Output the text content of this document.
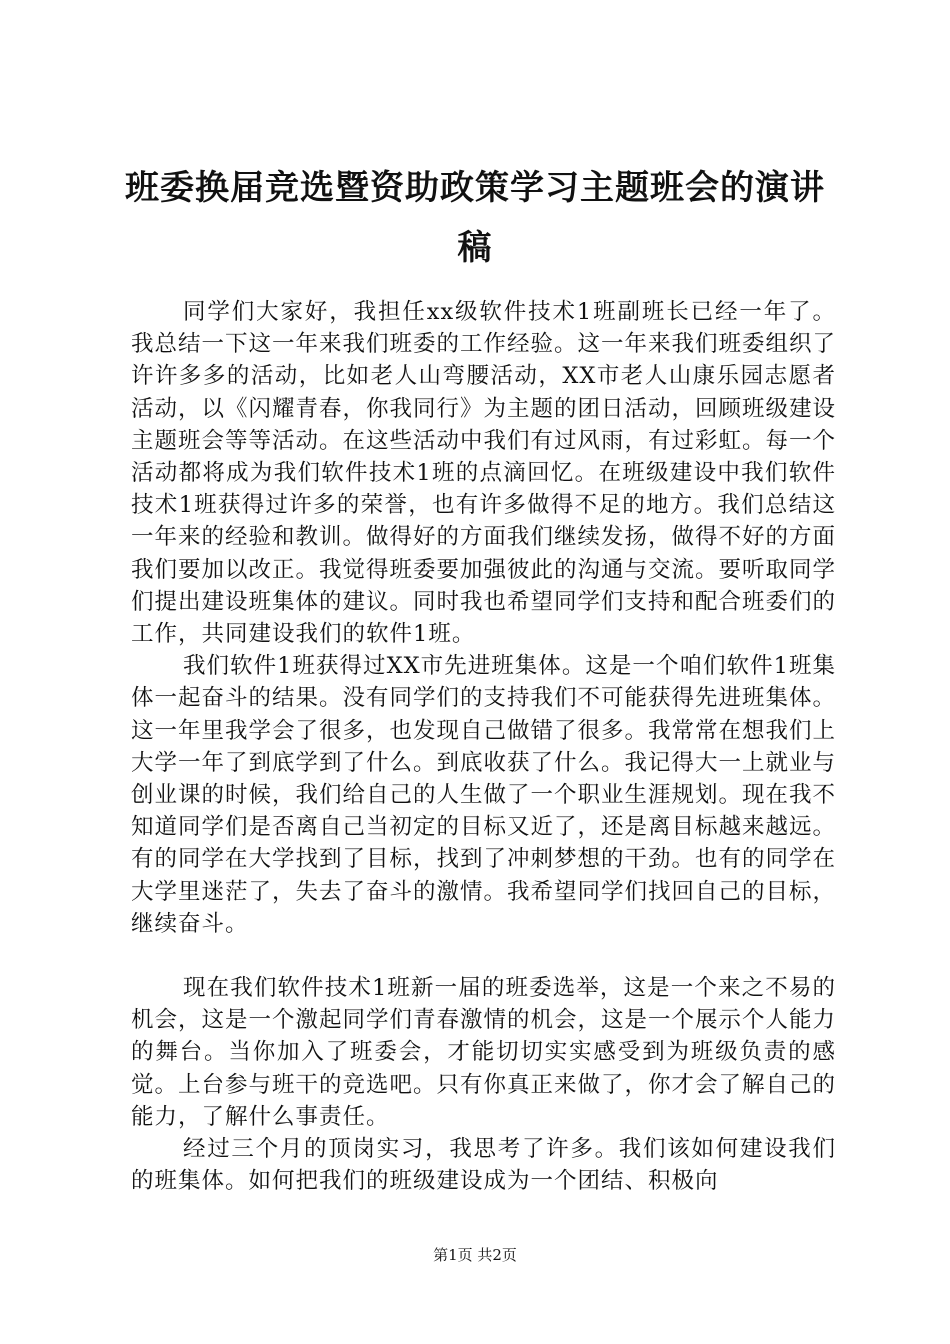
班委换届竞选暨资助政策学习主题班会的演讲稿

同学们大家好，我担任xx级软件技术1班副班长已经一年了。我总结一下这一年来我们班委的工作经验。这一年来我们班委组织了许许多多的活动，比如老人山弯腰活动，XX市老人山康乐园志愿者活动，以《闪耀青春，你我同行》为主题的团日活动，回顾班级建设主题班会等等活动。在这些活动中我们有过风雨，有过彩虹。每一个活动都将成为我们软件技术1班的点滴回忆。在班级建设中我们软件技术1班获得过许多的荣誉，也有许多做得不足的地方。我们总结这一年来的经验和教训。做得好的方面我们继续发扬，做得不好的方面我们要加以改正。我觉得班委要加强彼此的沟通与交流。要听取同学们提出建设班集体的建议。同时我也希望同学们支持和配合班委们的工作，共同建设我们的软件1班。

我们软件1班获得过XX市先进班集体。这是一个咱们软件1班集体一起奋斗的结果。没有同学们的支持我们不可能获得先进班集体。这一年里我学会了很多，也发现自己做错了很多。我常常在想我们上大学一年了到底学到了什么。到底收获了什么。我记得大一上就业与创业课的时候，我们给自己的人生做了一个职业生涯规划。现在我不知道同学们是否离自己当初定的目标又近了，还是离目标越来越远。有的同学在大学找到了目标，找到了冲刺梦想的干劲。也有的同学在大学里迷茫了，失去了奋斗的激情。我希望同学们找回自己的目标，继续奋斗。

现在我们软件技术1班新一届的班委选举，这是一个来之不易的机会，这是一个激起同学们青春激情的机会，这是一个展示个人能力的舞台。当你加入了班委会，才能切切实实感受到为班级负责的感觉。上台参与班干的竞选吧。只有你真正来做了，你才会了解自己的能力，了解什么事责任。

经过三个月的顶岗实习，我思考了许多。我们该如何建设我们的班集体。如何把我们的班级建设成为一个团结、积极向

第1页 共2页
